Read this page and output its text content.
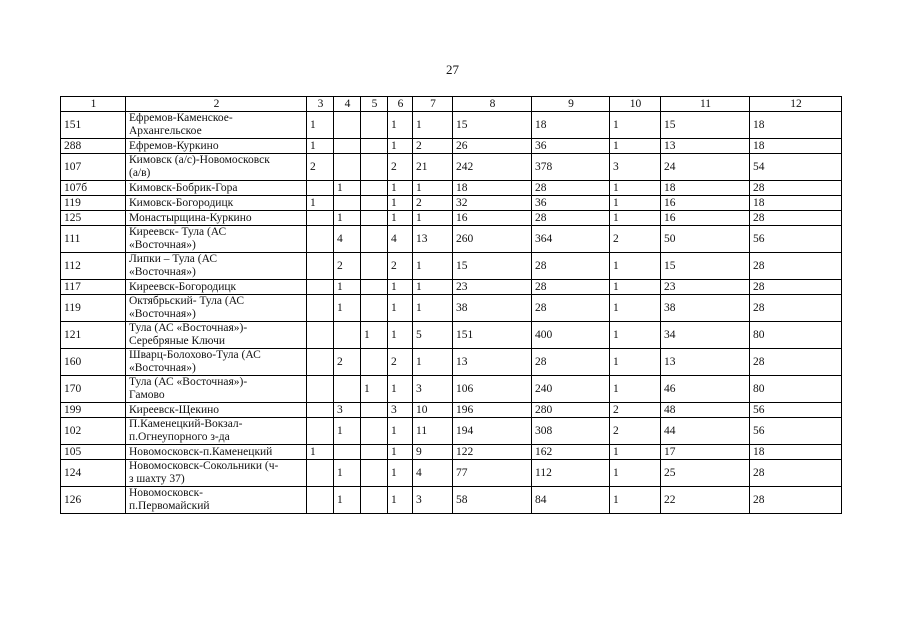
27
1	2	3	4	5	6	7	8	9	10	11	12
151	Ефремов-Каменское-
Архангельское	1			1	1	15	18	1	15	18
288	Ефремов-Куркино	1			1	2	26	36	1	13	18
107	Кимовск (а/с)-Новомосковск
(а/в)	2			2	21	242	378	3	24	54
107б	Кимовск-Бобрик-Гора		1		1	1	18	28	1	18	28
119	Кимовск-Богородицк	1			1	2	32	36	1	16	18
125	Монастырщина-Куркино		1		1	1	16	28	1	16	28
111	Киреевск- Тула (АС
«Восточная»)		4		4	13	260	364	2	50	56
112	Липки – Тула (АС
«Восточная»)		2		2	1	15	28	1	15	28
117	Киреевск-Богородицк		1		1	1	23	28	1	23	28
119	Октябрьский- Тула (АС
«Восточная»)		1		1	1	38	28	1	38	28
121	Тула (АС «Восточная»)-
Серебряные Ключи			1	1	5	151	400	1	34	80
160	Шварц-Болохово-Тула (АС
«Восточная»)		2		2	1	13	28	1	13	28
170	Тула (АС «Восточная»)-
Гамово			1	1	3	106	240	1	46	80
199	Киреевск-Щекино		3		3	10	196	280	2	48	56
102	П.Каменецкий-Вокзал-
п.Огнеупорного з-да		1		1	11	194	308	2	44	56
105	Новомосковск-п.Каменецкий	1			1	9	122	162	1	17	18
124	Новомосковск-Сокольники (ч-
з шахту 37)		1		1	4	77	112	1	25	28
126	Новомосковск-
п.Первомайский		1		1	3	58	84	1	22	28
